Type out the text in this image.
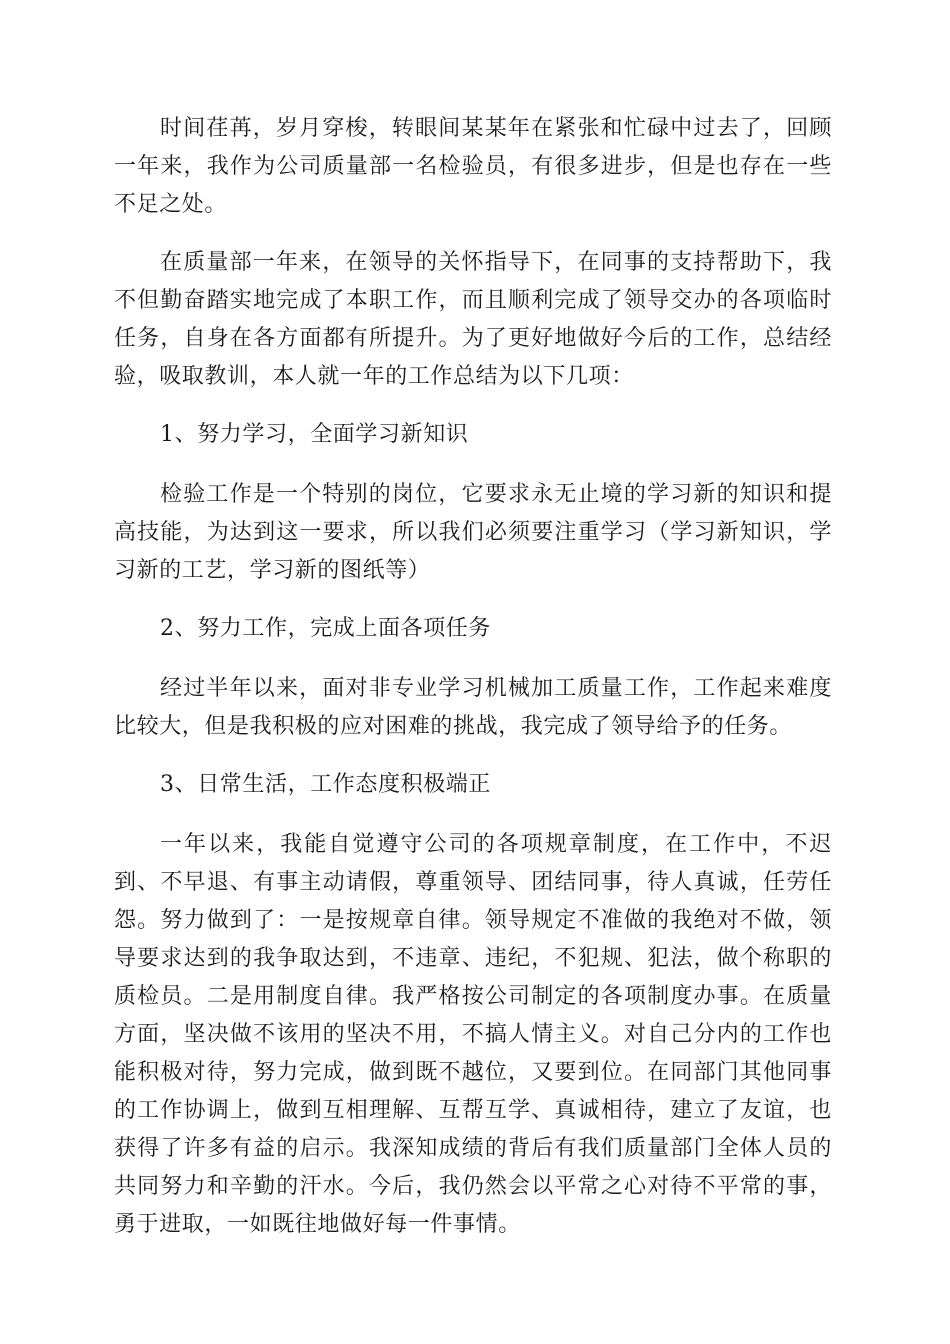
时间荏苒，岁月穿梭，转眼间某某年在紧张和忙碌中过去了，回顾一年来，我作为公司质量部一名检验员，有很多进步，但是也存在一些不足之处。

在质量部一年来，在领导的关怀指导下，在同事的支持帮助下，我不但勤奋踏实地完成了本职工作，而且顺利完成了领导交办的各项临时任务，自身在各方面都有所提升。为了更好地做好今后的工作，总结经验，吸取教训，本人就一年的工作总结为以下几项：

1、努力学习，全面学习新知识

检验工作是一个特别的岗位，它要求永无止境的学习新的知识和提高技能，为达到这一要求，所以我们必须要注重学习（学习新知识，学习新的工艺，学习新的图纸等）

2、努力工作，完成上面各项任务

经过半年以来，面对非专业学习机械加工质量工作，工作起来难度比较大，但是我积极的应对困难的挑战，我完成了领导给予的任务。

3、日常生活，工作态度积极端正

一年以来，我能自觉遵守公司的各项规章制度，在工作中，不迟到、不早退、有事主动请假，尊重领导、团结同事，待人真诚，任劳任怨。努力做到了：一是按规章自律。领导规定不准做的我绝对不做，领导要求达到的我争取达到，不违章、违纪，不犯规、犯法，做个称职的质检员。二是用制度自律。我严格按公司制定的各项制度办事。在质量方面，坚决做不该用的坚决不用，不搞人情主义。对自己分内的工作也能积极对待，努力完成，做到既不越位，又要到位。在同部门其他同事的工作协调上，做到互相理解、互帮互学、真诚相待，建立了友谊，也获得了许多有益的启示。我深知成绩的背后有我们质量部门全体人员的共同努力和辛勤的汗水。今后，我仍然会以平常之心对待不平常的事，勇于进取，一如既往地做好每一件事情。
